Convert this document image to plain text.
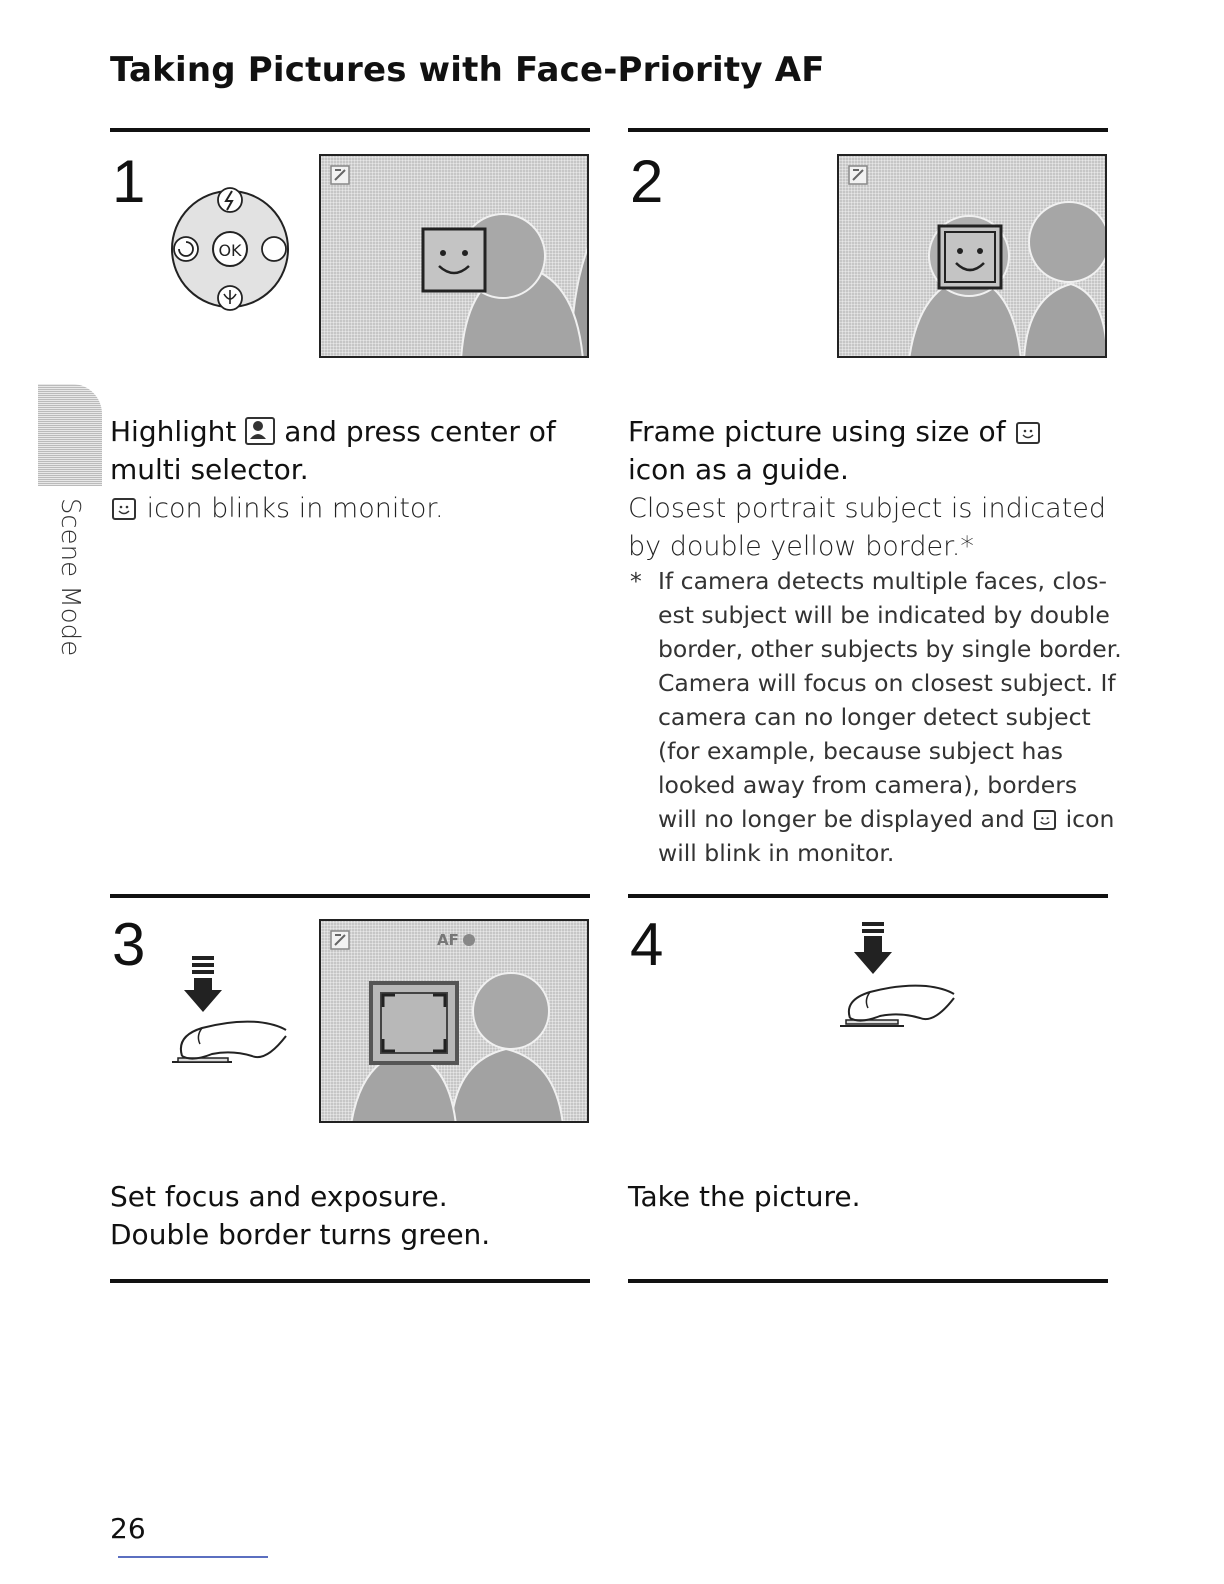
Taking Pictures with Face-Priority AF
Scene Mode
1
OK
Highlight and press center of
multi selector.
icon blinks in monitor.
2
Frame picture using size of

icon as a guide.
Closest portrait subject is indicated
by double yellow border.*
* If camera detects multiple faces, clos-
est subject will be indicated by double
border, other subjects by single border.
Camera will focus on closest subject. If
camera can no longer detect subject
(for example, because subject has
looked away from camera), borders
will no longer be displayed and icon
will blink in monitor.
3	AF
Set focus and exposure.
Double border turns green.
4
Take the picture.
26
